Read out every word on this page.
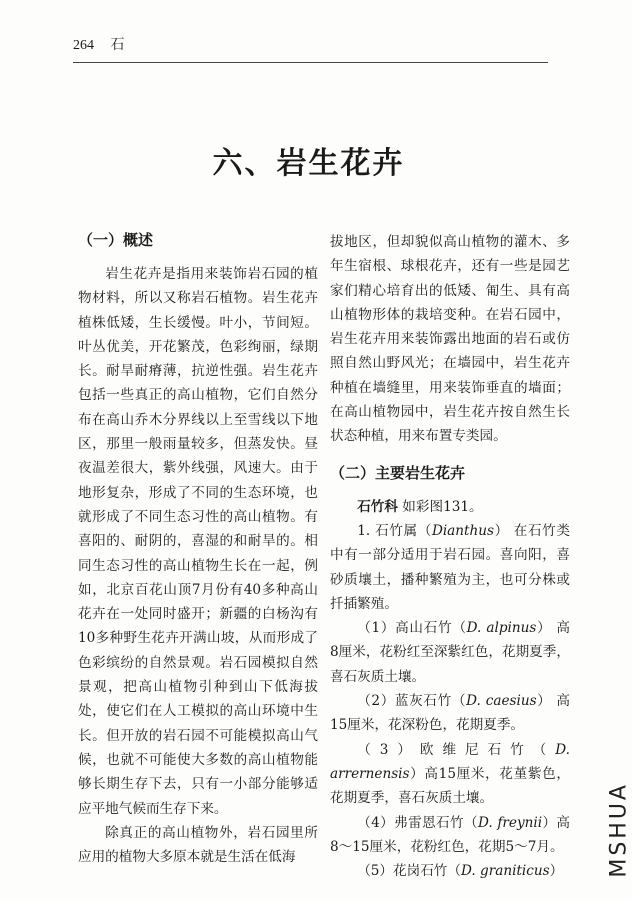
264 石
六、岩生花卉
（一）概述

岩生花卉是指用来装饰岩石园的植物材料，所以又称岩石植物。岩生花卉植株低矮，生长缓慢。叶小，节间短。叶丛优美，开花繁茂，色彩绚丽，绿期长。耐旱耐瘠薄，抗逆性强。岩生花卉包括一些真正的高山植物，它们自然分布在高山乔木分界线以上至雪线以下地区，那里一般雨量较多，但蒸发快。昼夜温差很大，紫外线强，风速大。由于地形复杂，形成了不同的生态环境，也就形成了不同生态习性的高山植物。有喜阳的、耐阴的，喜湿的和耐旱的。相同生态习性的高山植物生长在一起，例如，北京百花山顶7月份有40多种高山花卉在一处同时盛开；新疆的白杨沟有10多种野生花卉开满山坡，从而形成了色彩缤纷的自然景观。岩石园模拟自然景观，把高山植物引种到山下低海拔处，使它们在人工模拟的高山环境中生长。但开放的岩石园不可能模拟高山气候，也就不可能使大多数的高山植物能够长期生存下去，只有一小部分能够适应平地气候而生存下来。

除真正的高山植物外，岩石园里所应用的植物大多原本就是生活在低海

拔地区，但却貌似高山植物的灌木、多年生宿根、球根花卉，还有一些是园艺家们精心培育出的低矮、匍生、具有高山植物形体的栽培变种。在岩石园中，岩生花卉用来装饰露出地面的岩石或仿照自然山野风光；在墙园中，岩生花卉种植在墙缝里，用来装饰垂直的墙面；在高山植物园中，岩生花卉按自然生长状态种植，用来布置专类园。

（二）主要岩生花卉

石竹科 如彩图131。

1. 石竹属（Dianthus） 在石竹类中有一部分适用于岩石园。喜向阳，喜砂质壤土，播种繁殖为主，也可分株或扦插繁殖。

（1）高山石竹（D. alpinus） 高8厘米，花粉红至深紫红色，花期夏季，喜石灰质土壤。

（2）蓝灰石竹（D. caesius） 高15厘米，花深粉色，花期夏季。

（3）欧维尼石竹（D. arrernensis）高15厘米，花堇紫色，花期夏季，喜石灰质土壤。

（4）弗雷恩石竹（D. freynii）高8～15厘米，花粉红色，花期5～7月。

（5）花岗石竹（D. graniticus）	MSHUA
